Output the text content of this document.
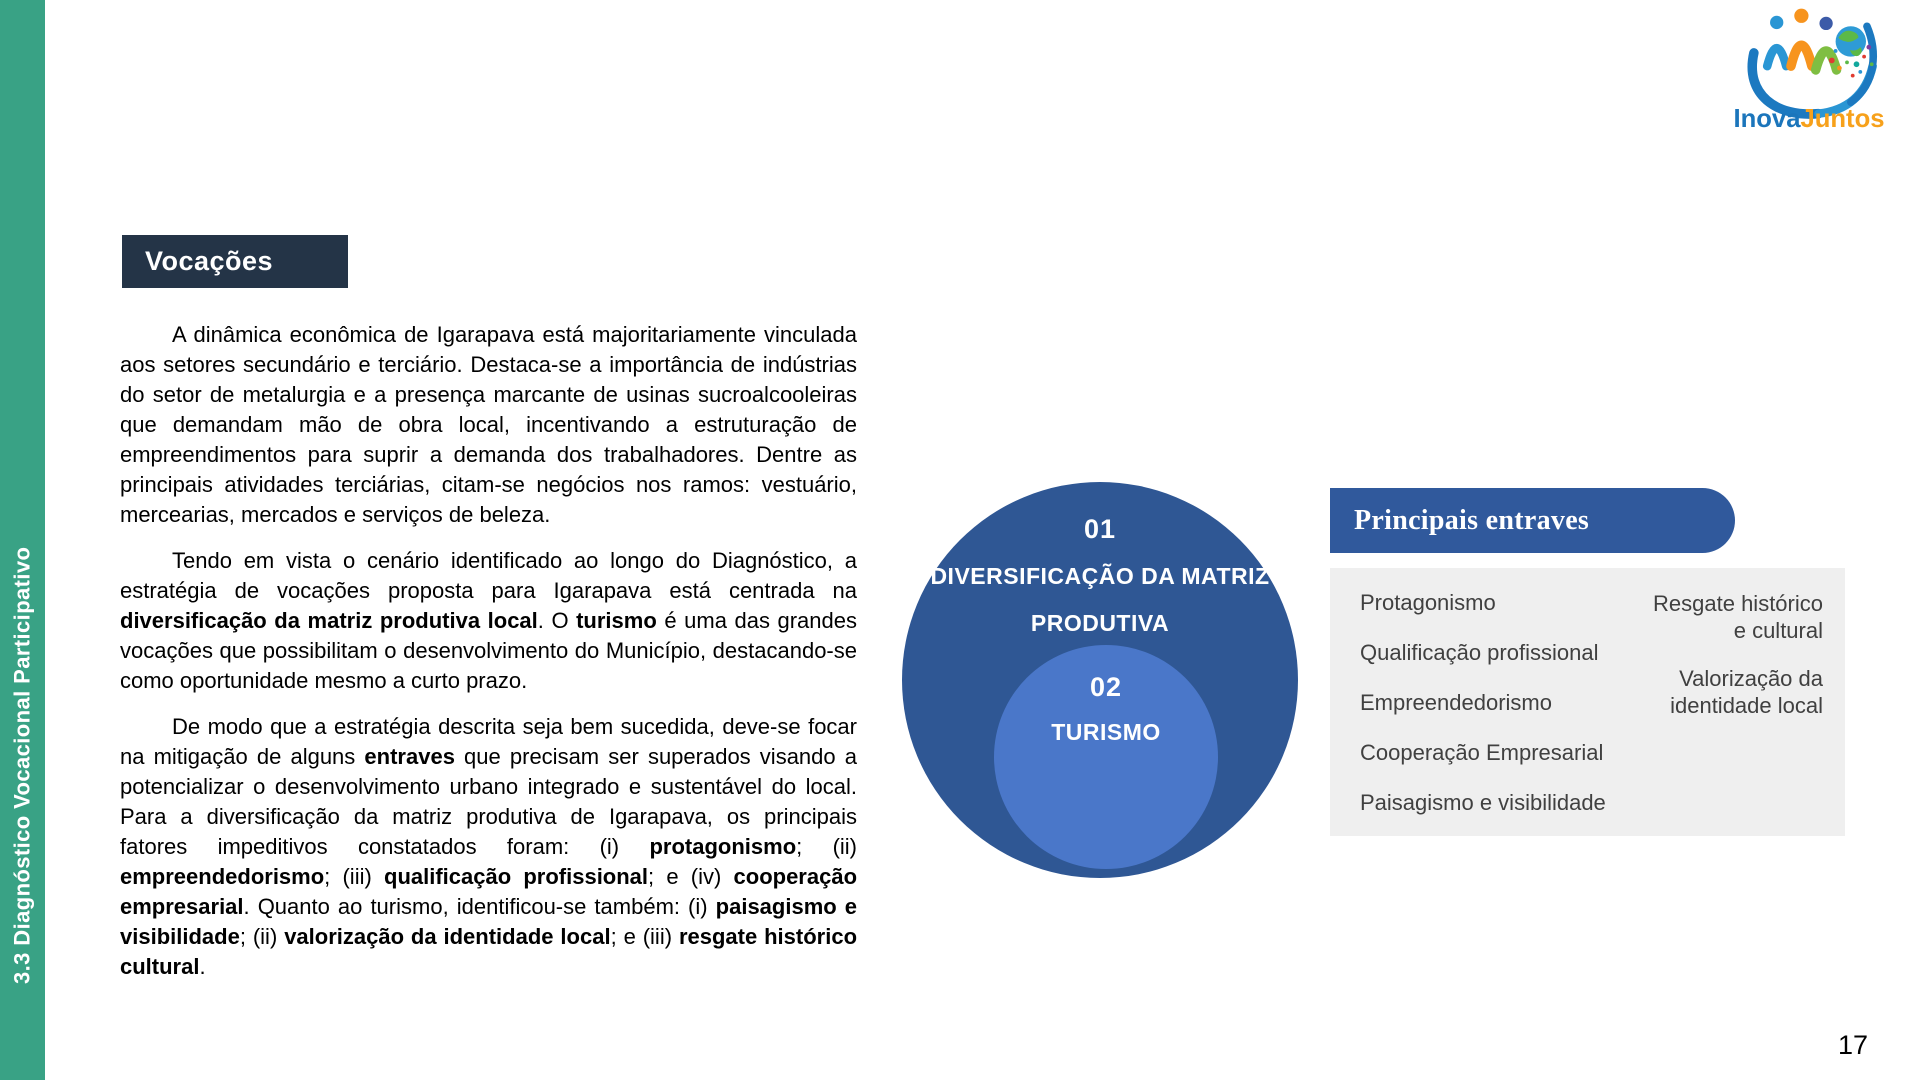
3.3 Diagnóstico Vocacional Participativo
InovaJuntos
Vocações

A dinâmica econômica de Igarapava está majoritariamente vinculada aos setores secundário e terciário. Destaca-se a importância de indústrias do setor de metalurgia e a presença marcante de usinas sucroalcooleiras que demandam mão de obra local, incentivando a estruturação de empreendimentos para suprir a demanda dos trabalhadores. Dentre as principais atividades terciárias, citam-se negócios nos ramos: vestuário, mercearias, mercados e serviços de beleza.

Tendo em vista o cenário identificado ao longo do Diagnóstico, a estratégia de vocações proposta para Igarapava está centrada na diversificação da matriz produtiva local. O turismo é uma das grandes vocações que possibilitam o desenvolvimento do Município, destacando-se como oportunidade mesmo a curto prazo.

De modo que a estratégia descrita seja bem sucedida, deve-se focar na mitigação de alguns entraves que precisam ser superados visando a potencializar o desenvolvimento urbano integrado e sustentável do local. Para a diversificação da matriz produtiva de Igarapava, os principais fatores impeditivos constatados foram: (i) protagonismo; (ii) empreendedorismo; (iii) qualificação profissional; e (iv) cooperação empresarial. Quanto ao turismo, identificou-se também: (i) paisagismo e visibilidade; (ii) valorização da identidade local; e (iii) resgate histórico cultural.

01
DIVERSIFICAÇÃO DA MATRIZ
PRODUTIVA
02
TURISMO
Principais entraves
Protagonismo
Qualificação profissional
Empreendedorismo
Cooperação Empresarial
Paisagismo e visibilidade
Resgate histórico
e cultural
Valorização da
identidade local
17
